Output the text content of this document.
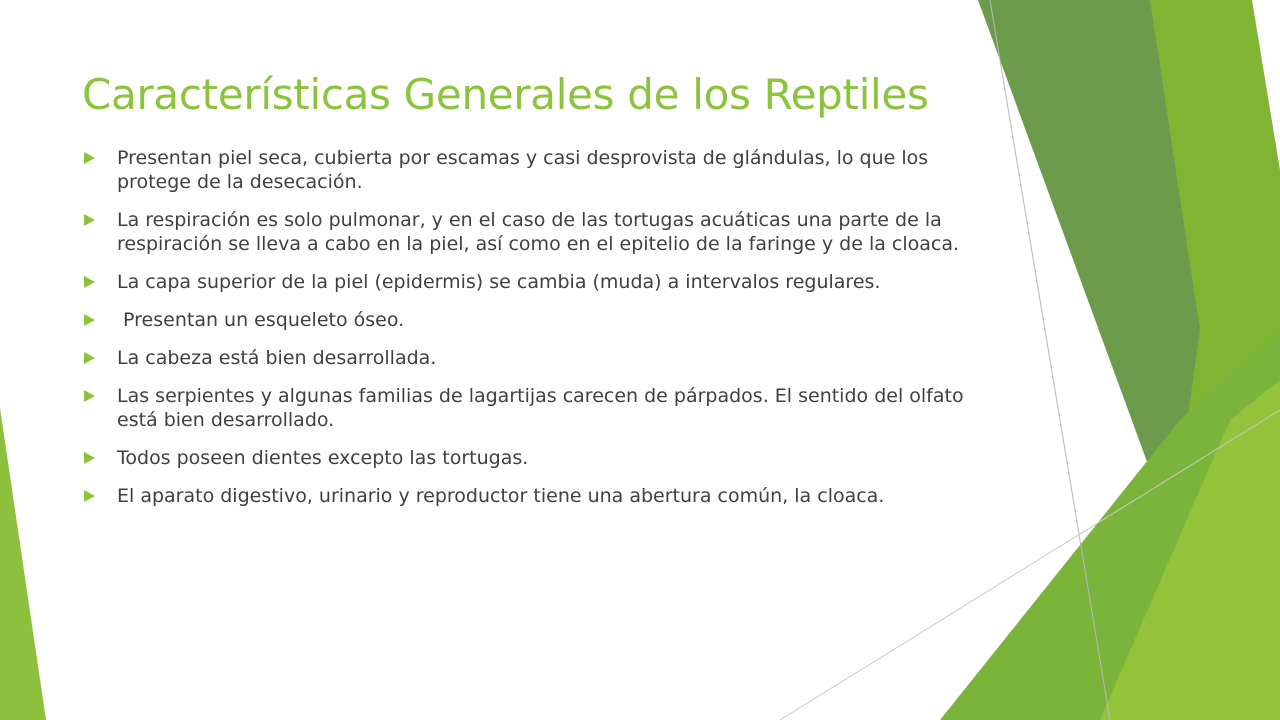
Características Generales de los Reptiles
Presentan piel seca, cubierta por escamas y casi desprovista de glándulas, lo que los protege de la desecación.
La respiración es solo pulmonar, y en el caso de las tortugas acuáticas una parte de la respiración se lleva a cabo en la piel, así como en el epitelio de la faringe y de la cloaca.
La capa superior de la piel (epidermis) se cambia (muda) a intervalos regulares.
Presentan un esqueleto óseo.
La cabeza está bien desarrollada.
Las serpientes y algunas familias de lagartijas carecen de párpados. El sentido del olfato está bien desarrollado.
Todos poseen dientes excepto las tortugas.
El aparato digestivo, urinario y reproductor tiene una abertura común, la cloaca.
